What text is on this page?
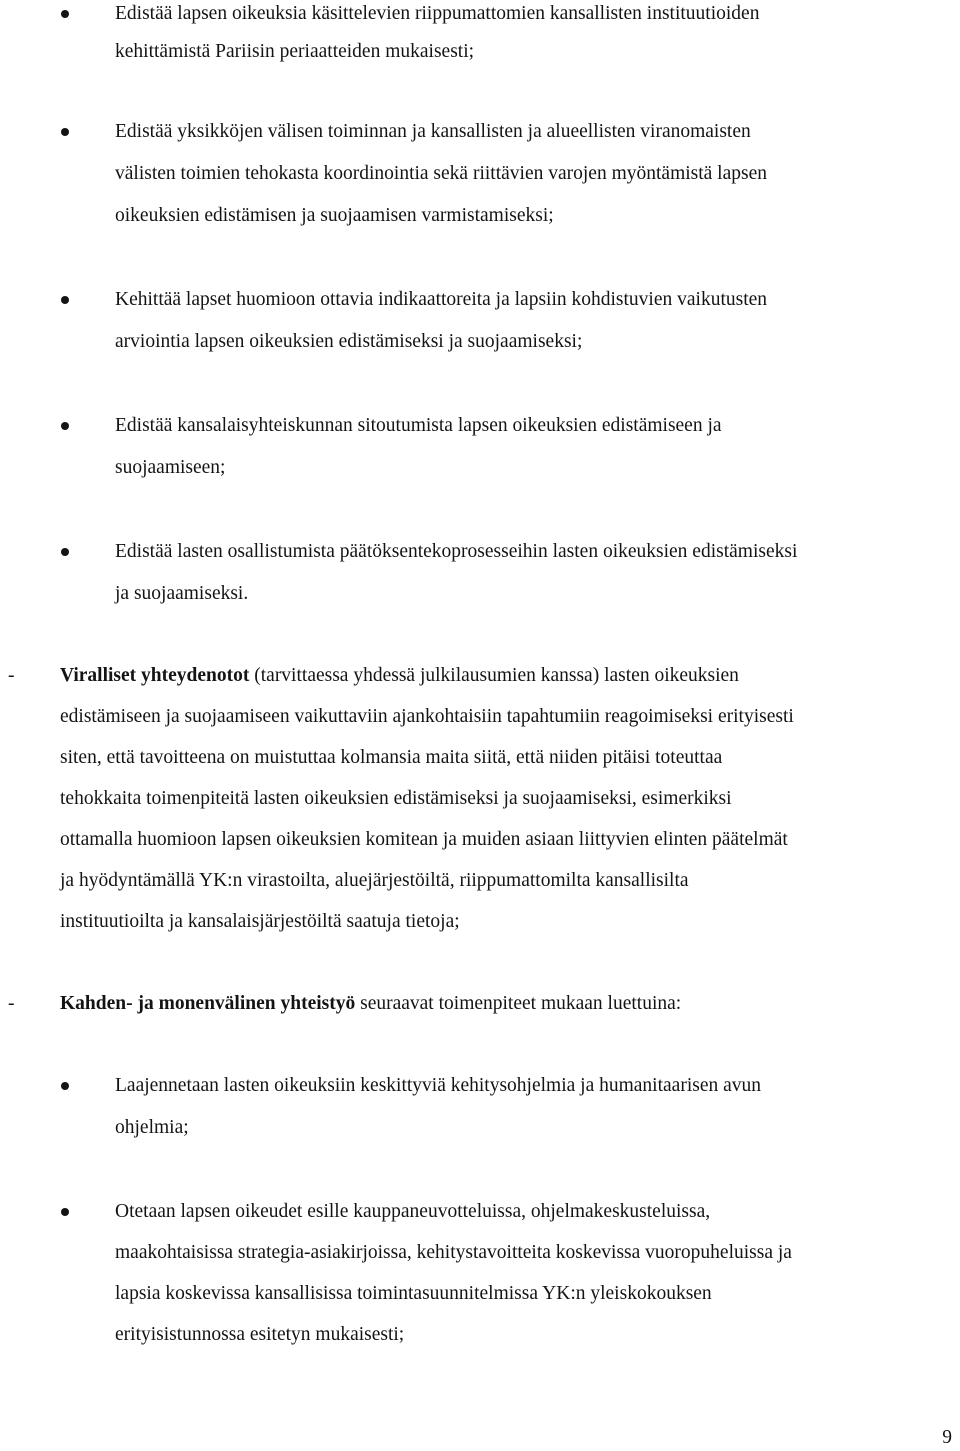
Edistää lapsen oikeuksia käsittelevien riippumattomien kansallisten instituutioiden
kehittämistä Pariisin periaatteiden mukaisesti;
Edistää yksikköjen välisen toiminnan ja kansallisten ja alueellisten viranomaisten
välisten toimien tehokasta koordinointia sekä riittävien varojen myöntämistä lapsen
oikeuksien edistämisen ja suojaamisen varmistamiseksi;
Kehittää lapset huomioon ottavia indikaattoreita ja lapsiin kohdistuvien vaikutusten
arviointia lapsen oikeuksien edistämiseksi ja suojaamiseksi;
Edistää kansalaisyhteiskunnan sitoutumista lapsen oikeuksien edistämiseen ja
suojaamiseen;
Edistää lasten osallistumista päätöksentekoprosesseihin lasten oikeuksien edistämiseksi
ja suojaamiseksi.
- Viralliset yhteydenotot (tarvittaessa yhdessä julkilausumien kanssa) lasten oikeuksien
edistämiseen ja suojaamiseen vaikuttaviin ajankohtaisiin tapahtumiin reagoimiseksi erityisesti
siten, että tavoitteena on muistuttaa kolmansia maita siitä, että niiden pitäisi toteuttaa
tehokkaita toimenpiteitä lasten oikeuksien edistämiseksi ja suojaamiseksi, esimerkiksi
ottamalla huomioon lapsen oikeuksien komitean ja muiden asiaan liittyvien elinten päätelmät
ja hyödyntämällä YK:n virastoilta, aluejärjestöiltä, riippumattomilta kansallisilta
instituutioilta ja kansalaisjärjestöiltä saatuja tietoja;
- Kahden- ja monenvälinen yhteistyö seuraavat toimenpiteet mukaan luettuina:
Laajennetaan lasten oikeuksiin keskittyviä kehitysohjelmia ja humanitaarisen avun
ohjelmia;
Otetaan lapsen oikeudet esille kauppaneuvotteluissa, ohjelmakeskusteluissa,
maakohtaisissa strategia-asiakirjoissa, kehitystavoitteita koskevissa vuoropuheluissa ja
lapsia koskevissa kansallisissa toimintasuunnitelmissa YK:n yleiskokouksen
erityisistunnossa esitetyn mukaisesti;
9
